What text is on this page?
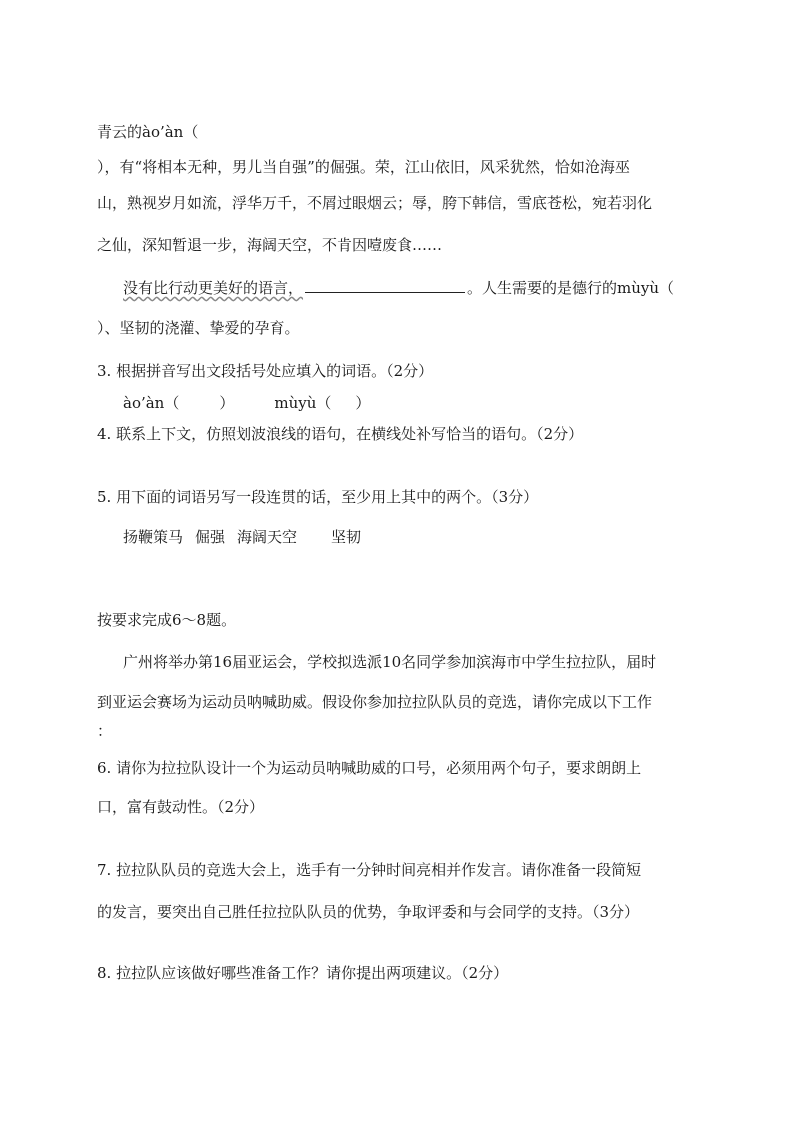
青云的ào’àn（
），有“将相本无种，男儿当自强”的倔强。荣，江山依旧，风采犹然，恰如沧海巫
山，熟视岁月如流，浮华万千，不屑过眼烟云；辱，胯下韩信，雪底苍松，宛若羽化
之仙，深知暂退一步，海阔天空，不肯因噎废食……
没有比行动更美好的语言，	。人生需要的是德行的mùyù（
）、坚韧的浇灌、挚爱的孕育。
3. 根据拼音写出文段括号处应填入的词语。（2分）
ào’àn（	）	mùyù（ ）
4. 联系上下文，仿照划波浪线的语句，在横线处补写恰当的语句。（2分）
5. 用下面的词语另写一段连贯的话，至少用上其中的两个。（3分）
扬鞭策马 倔强 海阔天空 坚韧
按要求完成6～8题。
广州将举办第16届亚运会，学校拟选派10名同学参加滨海市中学生拉拉队，届时
到亚运会赛场为运动员呐喊助威。假设你参加拉拉队队员的竞选，请你完成以下工作
：
6. 请你为拉拉队设计一个为运动员呐喊助威的口号，必须用两个句子，要求朗朗上
口，富有鼓动性。（2分）
7. 拉拉队队员的竞选大会上，选手有一分钟时间亮相并作发言。请你准备一段简短
的发言，要突出自己胜任拉拉队队员的优势，争取评委和与会同学的支持。（3分）
8. 拉拉队应该做好哪些准备工作？请你提出两项建议。（2分）
